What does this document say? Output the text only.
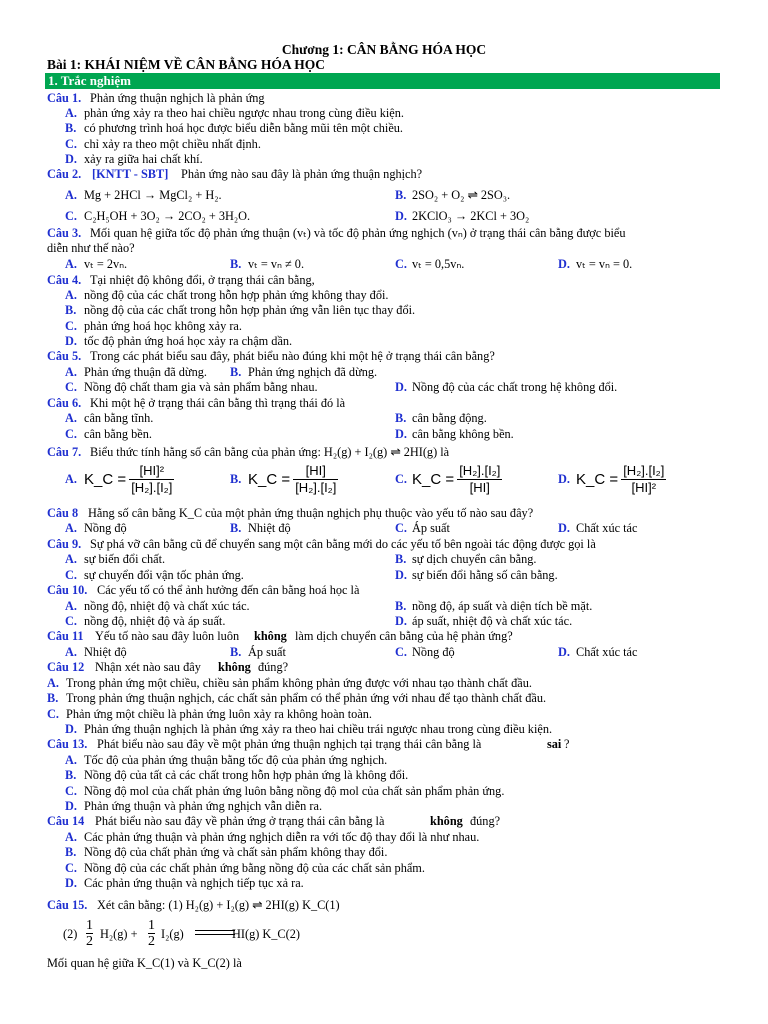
Chương 1: CÂN BẰNG HÓA HỌC
Bài 1: KHÁI NIỆM VỀ CÂN BẰNG HÓA HỌC
1. Trắc nghiệm
Câu 1. Phản ứng thuận nghịch là phản ứng
A. phản ứng xảy ra theo hai chiều ngược nhau trong cùng điều kiện.
B. có phương trình hoá học được biểu diễn bằng mũi tên một chiều.
C. chỉ xảy ra theo một chiều nhất định.
D. xảy ra giữa hai chất khí.
Câu 2. [KNTT - SBT] Phản ứng nào sau đây là phản ứng thuận nghịch?
A. Mg + 2HCl → MgCl₂ + H₂.	B. 2SO₂ + O₂ ⇌ 2SO₃.
C. C₂H₅OH + 3O₂ → 2CO₂ + 3H₂O.	D. 2KClO₃ → 2KCl + 3O₂
Câu 3. Mối quan hệ giữa tốc độ phản ứng thuận (vₜ) và tốc độ phản ứng nghịch (vₙ) ở trạng thái cân bằng được biểu
diễn như thế nào?
A. vₜ = 2vₙ.	B. vₜ = vₙ ≠ 0.	C. vₜ = 0,5vₙ.	D. vₜ = vₙ = 0.
Câu 4. Tại nhiệt độ không đổi, ở trạng thái cân bằng,
A. nồng độ của các chất trong hỗn hợp phản ứng không thay đổi.
B. nồng độ của các chất trong hỗn hợp phản ứng vẫn liên tục thay đổi.
C. phản ứng hoá học không xảy ra.
D. tốc độ phản ứng hoá học xảy ra chậm dần.
Câu 5. Trong các phát biểu sau đây, phát biểu nào đúng khi một hệ ở trạng thái cân bằng?
A. Phản ứng thuận đã dừng. B. Phản ứng nghịch đã dừng.
C. Nồng độ chất tham gia và sản phẩm bằng nhau.	D. Nồng độ của các chất trong hệ không đổi.
Câu 6. Khi một hệ ở trạng thái cân bằng thì trạng thái đó là
A. cân bằng tĩnh.	B. cân bằng động.
C. cân bằng bền.	D. cân bằng không bền.
Câu 7. Biểu thức tính hằng số cân bằng của phản ứng: H₂(g) + I₂(g) ⇌ 2HI(g) là
Câu 8 Hằng số cân bằng K_C của một phản ứng thuận nghịch phụ thuộc vào yếu tố nào sau đây?
A. Nồng độ	B. Nhiệt độ	C. Áp suất	D. Chất xúc tác
Câu 9. Sự phá vỡ cân bằng cũ để chuyển sang một cân bằng mới do các yếu tố bên ngoài tác động được gọi là
A. sự biến đổi chất.	B. sự dịch chuyển cân bằng.
C. sự chuyển đổi vận tốc phản ứng.	D. sự biến đổi hằng số cân bằng.
Câu 10. Các yếu tố có thể ảnh hưởng đến cân bằng hoá học là
A. nồng độ, nhiệt độ và chất xúc tác.	B. nồng độ, áp suất và diện tích bề mặt.
C. nồng độ, nhiệt độ và áp suất.	D. áp suất, nhiệt độ và chất xúc tác.
Câu 11 Yếu tố nào sau đây luôn luôn không làm dịch chuyển cân bằng của hệ phản ứng?
A. Nhiệt độ	B. Áp suất	C. Nồng độ	D. Chất xúc tác
Câu 12 Nhận xét nào sau đây không đúng?
A. Trong phản ứng một chiều, chiều sản phẩm không phản ứng được với nhau tạo thành chất đầu.
B. Trong phản ứng thuận nghịch, các chất sản phẩm có thể phản ứng với nhau để tạo thành chất đầu.
C. Phản ứng một chiều là phản ứng luôn xảy ra không hoàn toàn.
D. Phản ứng thuận nghịch là phản ứng xảy ra theo hai chiều trái ngược nhau trong cùng điều kiện.
Câu 13. Phát biểu nào sau đây về một phản ứng thuận nghịch tại trạng thái cân bằng là	sai ?
A. Tốc độ của phản ứng thuận bằng tốc độ của phản ứng nghịch.
B. Nồng độ của tất cả các chất trong hỗn hợp phản ứng là không đổi.
C. Nồng độ mol của chất phản ứng luôn bằng nồng độ mol của chất sản phẩm phản ứng.
D. Phản ứng thuận và phản ứng nghịch vẫn diễn ra.
Câu 14 Phát biểu nào sau đây về phản ứng ở trạng thái cân bằng là	không đúng?
A. Các phản ứng thuận và phản ứng nghịch diễn ra với tốc độ thay đổi là như nhau.
B. Nồng độ của chất phản ứng và chất sản phẩm không thay đổi.
C. Nồng độ của các chất phản ứng bằng nồng độ của các chất sản phẩm.
D. Các phản ứng thuận và nghịch tiếp tục xả ra.
Câu 15. Xét cân bằng: (1) H₂(g) + I₂(g) ⇌ 2HI(g) K_C(1)
Mối quan hệ giữa K_C(1) và K_C(2) là
A. K_C = $\frac{\text{[HI]²}}{\text{[H₂].[I₂]}}$	B. K_C = $\frac{[HI]}{\text{[H₂].[I₂]}}$	C. K_C = $\frac{\text{[H₂].[I₂]}}{[HI]}$	D. K_C = $\frac{\text{[H₂].[I₂]}}{\text{[HI]²}}$
$(2) \frac{1}{2} H_2(g) + \frac{1}{2} I_2(g)$	HI(g) K_C(2)
